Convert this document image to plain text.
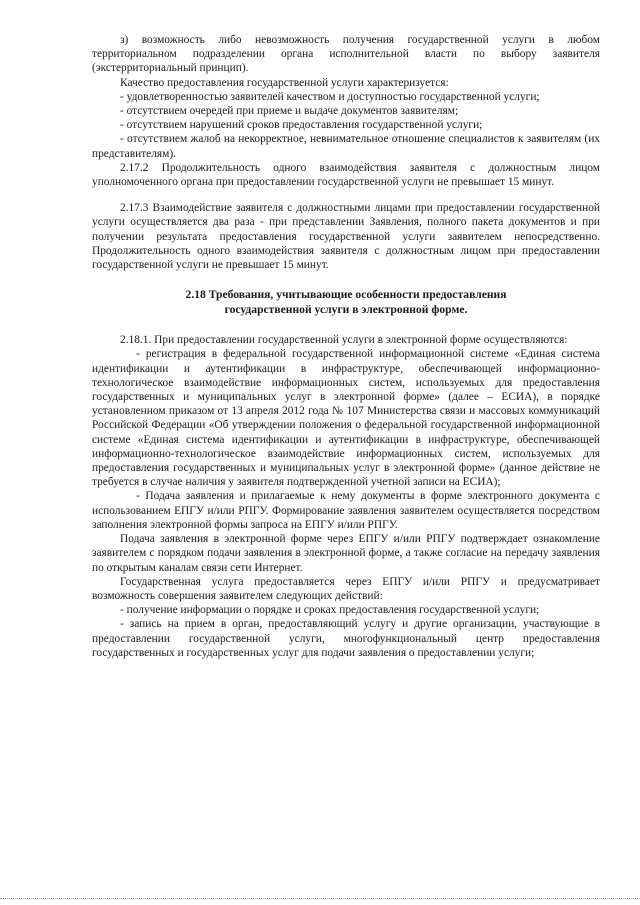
з) возможность либо невозможность получения государственной услуги в любом территориальном подразделении органа исполнительной власти по выбору заявителя (экстерриториальный принцип).

Качество предоставления государственной услуги характеризуется:

- удовлетворенностью заявителей качеством и доступностью государственной услуги;

- отсутствием очередей при приеме и выдаче документов заявителям;

- отсутствием нарушений сроков предоставления государственной услуги;

- отсутствием жалоб на некорректное, невнимательное отношение специалистов к заявителям (их представителям).

2.17.2 Продолжительность одного взаимодействия заявителя с должностным лицом уполномоченного органа при предоставлении государственной услуги не превышает 15 минут.

2.17.3 Взаимодействие заявителя с должностными лицами при предоставлении государственной услуги осуществляется два раза - при представлении Заявления, полного пакета документов и при получении результата предоставления государственной услуги заявителем непосредственно. Продолжительность одного взаимодействия заявителя с должностным лицом при предоставлении государственной услуги не превышает 15 минут.

2.18 Требования, учитывающие особенности предоставления
государственной услуги в электронной форме.

2.18.1. При предоставлении государственной услуги в электронной форме осуществляются:

- регистрация в федеральной государственной информационной системе «Единая система идентификации и аутентификации в инфраструктуре, обеспечивающей информационно-технологическое взаимодействие информационных систем, используемых для предоставления государственных и муниципальных услуг в электронной форме» (далее – ЕСИА), в порядке установленном приказом от 13 апреля 2012 года № 107 Министерства связи и массовых коммуникаций Российской Федерации «Об утверждении положения о федеральной государственной информационной системе «Единая система идентификации и аутентификации в инфраструктуре, обеспечивающей информационно-технологическое взаимодействие информационных систем, используемых для предоставления государственных и муниципальных услуг в электронной форме» (данное действие не требуется в случае наличия у заявителя подтвержденной учетной записи на ЕСИА);

- Подача заявления и прилагаемые к нему документы в форме электронного документа с использованием ЕПГУ и/или РПГУ. Формирование заявления заявителем осуществляется посредством заполнения электронной формы запроса на ЕПГУ и/или РПГУ.

Подача заявления в электронной форме через ЕПГУ и/или РПГУ подтверждает ознакомление заявителем с порядком подачи заявления в электронной форме, а также согласие на передачу заявления по открытым каналам связи сети Интернет.

Государственная услуга предоставляется через ЕПГУ и/или РПГУ и предусматривает возможность совершения заявителем следующих действий:

- получение информации о порядке и сроках предоставления государственной услуги;

- запись на прием в орган, предоставляющий услугу и другие организации, участвующие в предоставлении государственной услуги, многофункциональный центр предоставления государственных и государственных услуг для подачи заявления о предоставлении услуги;
